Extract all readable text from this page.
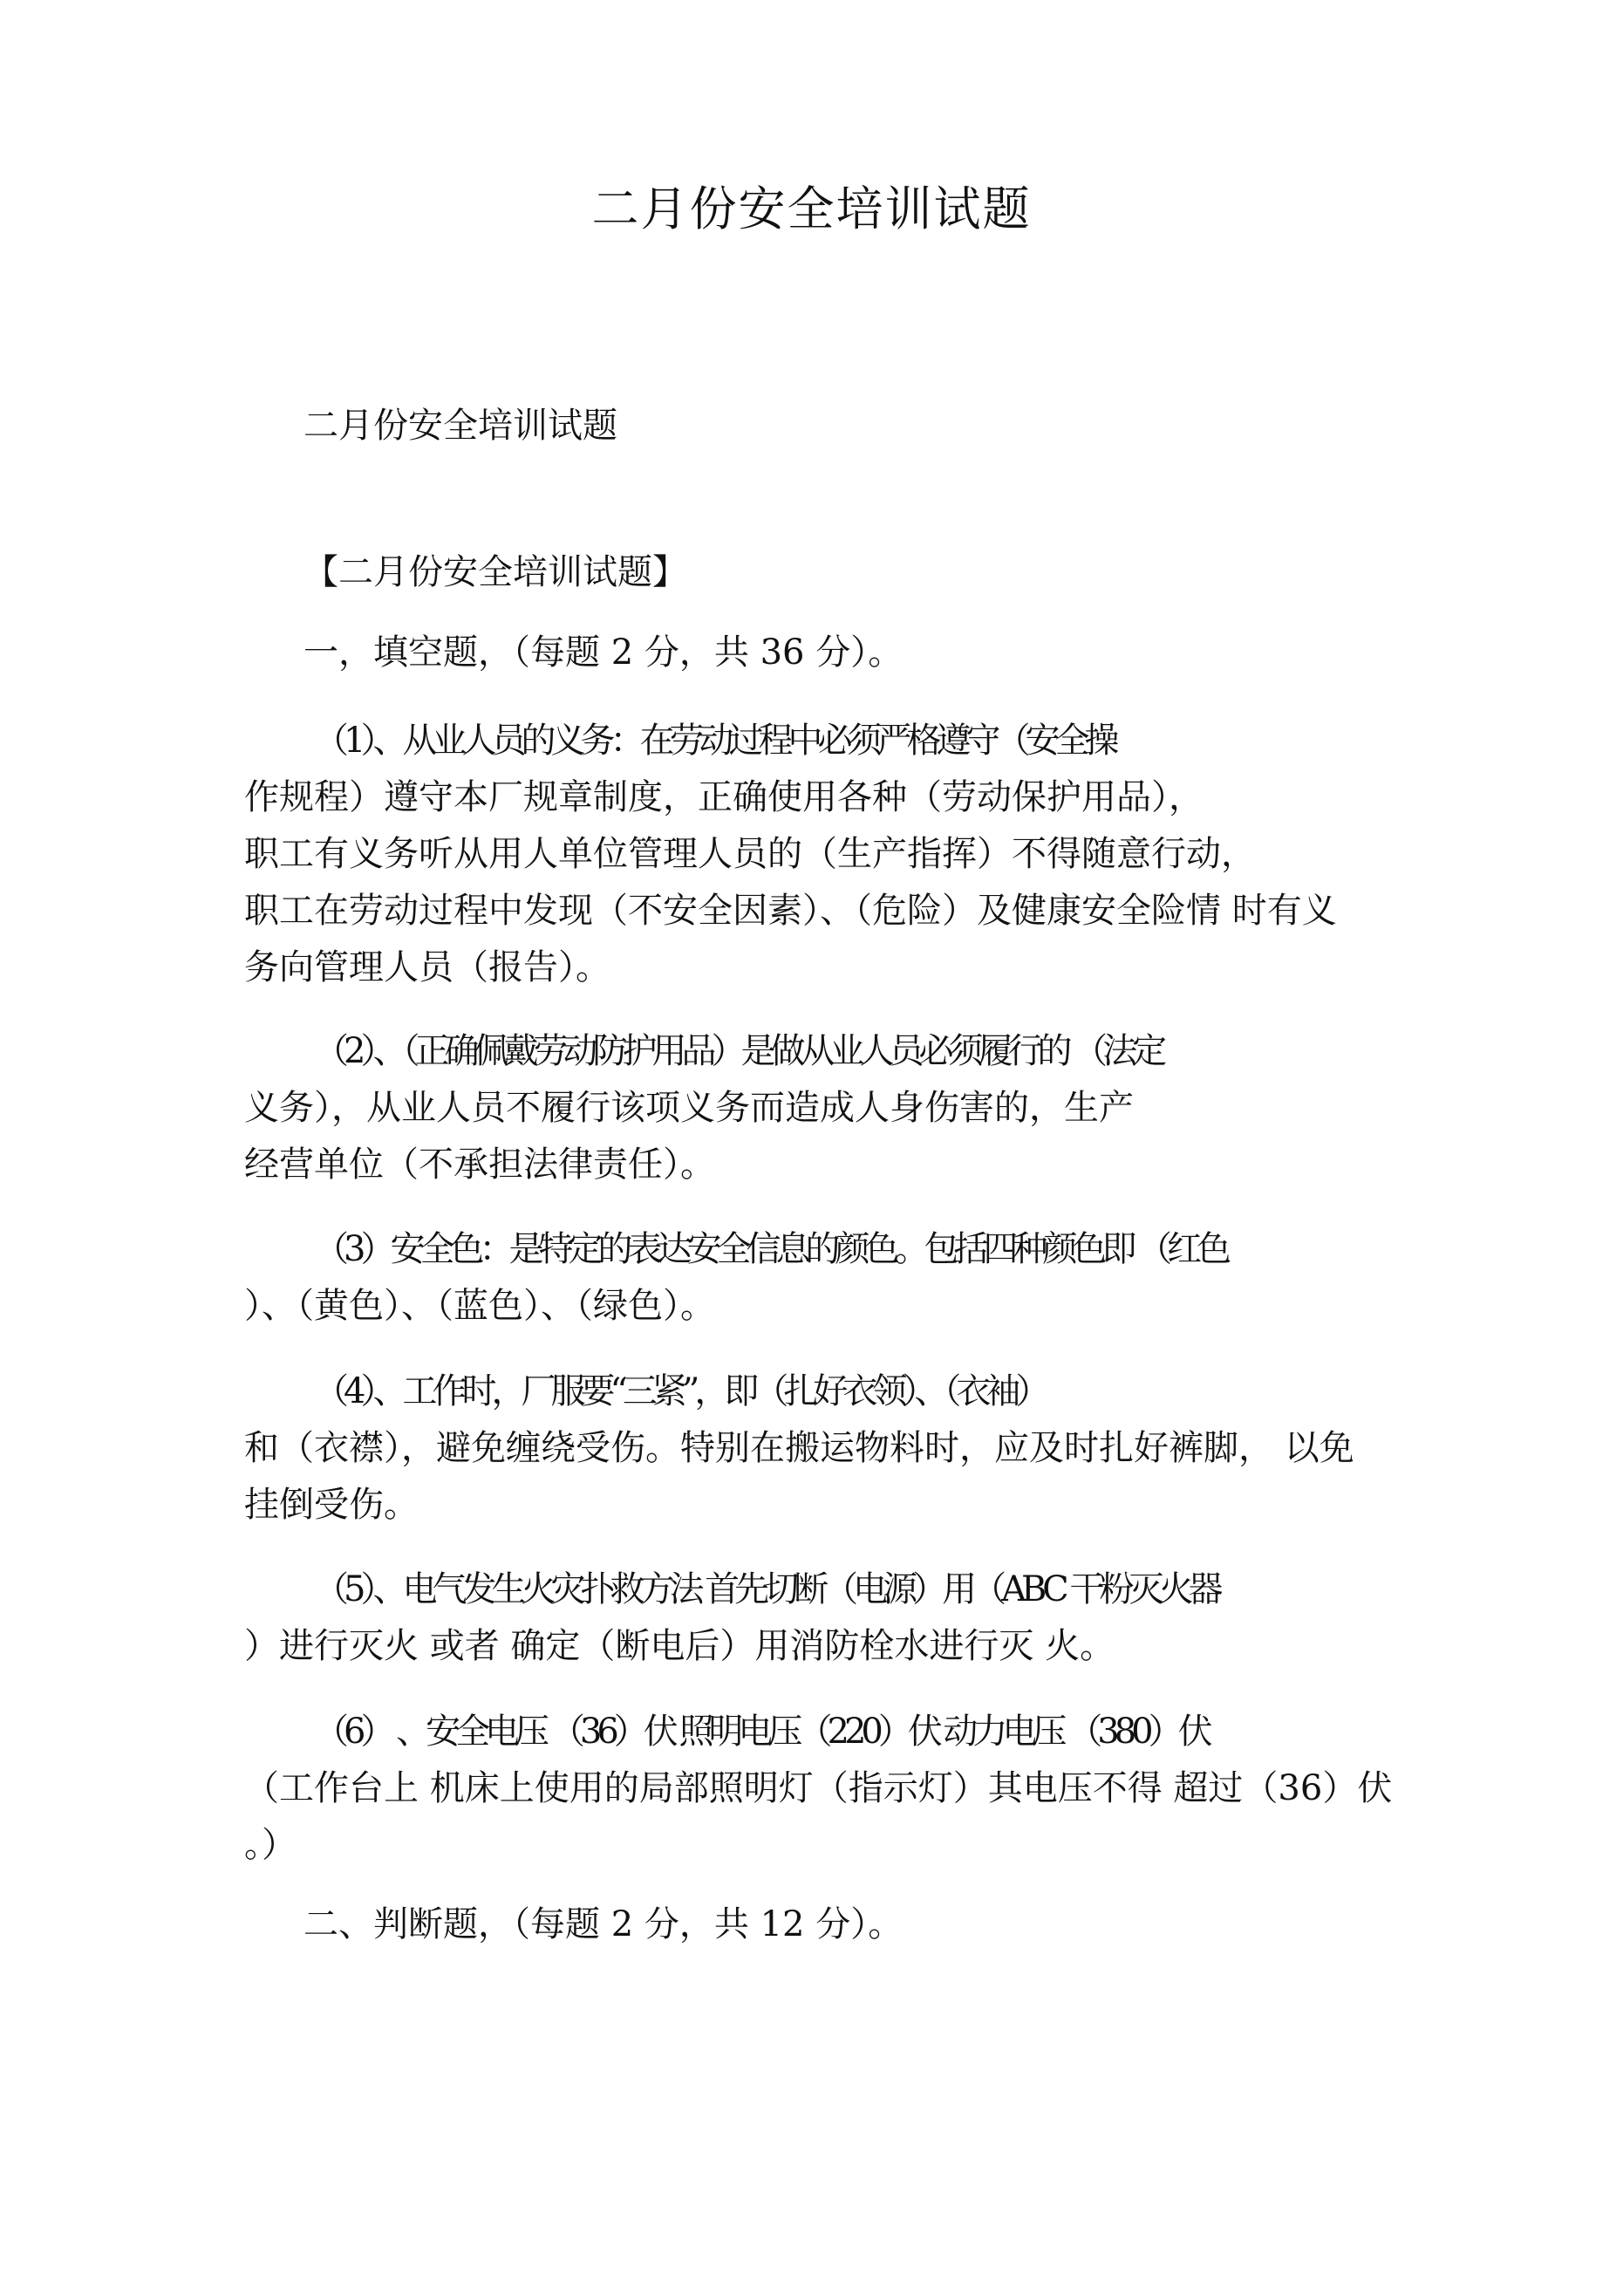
二月份安全培训试题
二月份安全培训试题
【二月份安全培训试题】
一，填空题，（每题 2 分，共 36 分）。
（1）、从业人员的义务：在劳动过程中必须严格遵守（安全操
作规程）遵守本厂规章制度，正确使用各种（劳动保护用品），
职工有义务听从用人单位管理人员的（生产指挥）不得随意行动，
职工在劳动过程中发现（不安全因素）、（危险）及健康安全险情 时有义
务向管理人员（报告）。
（2）、（正确佩戴劳动防护用品）是做从业人员必须履行的 （法定
义务），从业人员不履行该项义务而造成人身伤害的，生产
经营单位（不承担法律责任）。
（3）安全色：是特定的表达安全信息的颜色。包括四种颜色即 （红色
）、（黄色）、（蓝色）、（绿色）。
（4）、工作时，厂服要“三紧”，即（扎好衣领）、（衣袖）
和（衣襟），避免缠绕受伤。特别在搬运物料时，应及时扎好裤脚， 以免
挂倒受伤。
（5）、电气发生火灾扑救方法 首先切断（电源）用（ABC 干粉灭火器
）进行灭火 或者 确定（断电后）用消防栓水进行灭 火。
（6） 、安全电压 （36）伏 照明电压（220）伏 动力电压 （380）伏
（工作台上 机床上使用的局部照明灯（指示灯）其电压不得 超过（36）伏
。）
二、判断题，（每题 2 分，共 12 分）。
